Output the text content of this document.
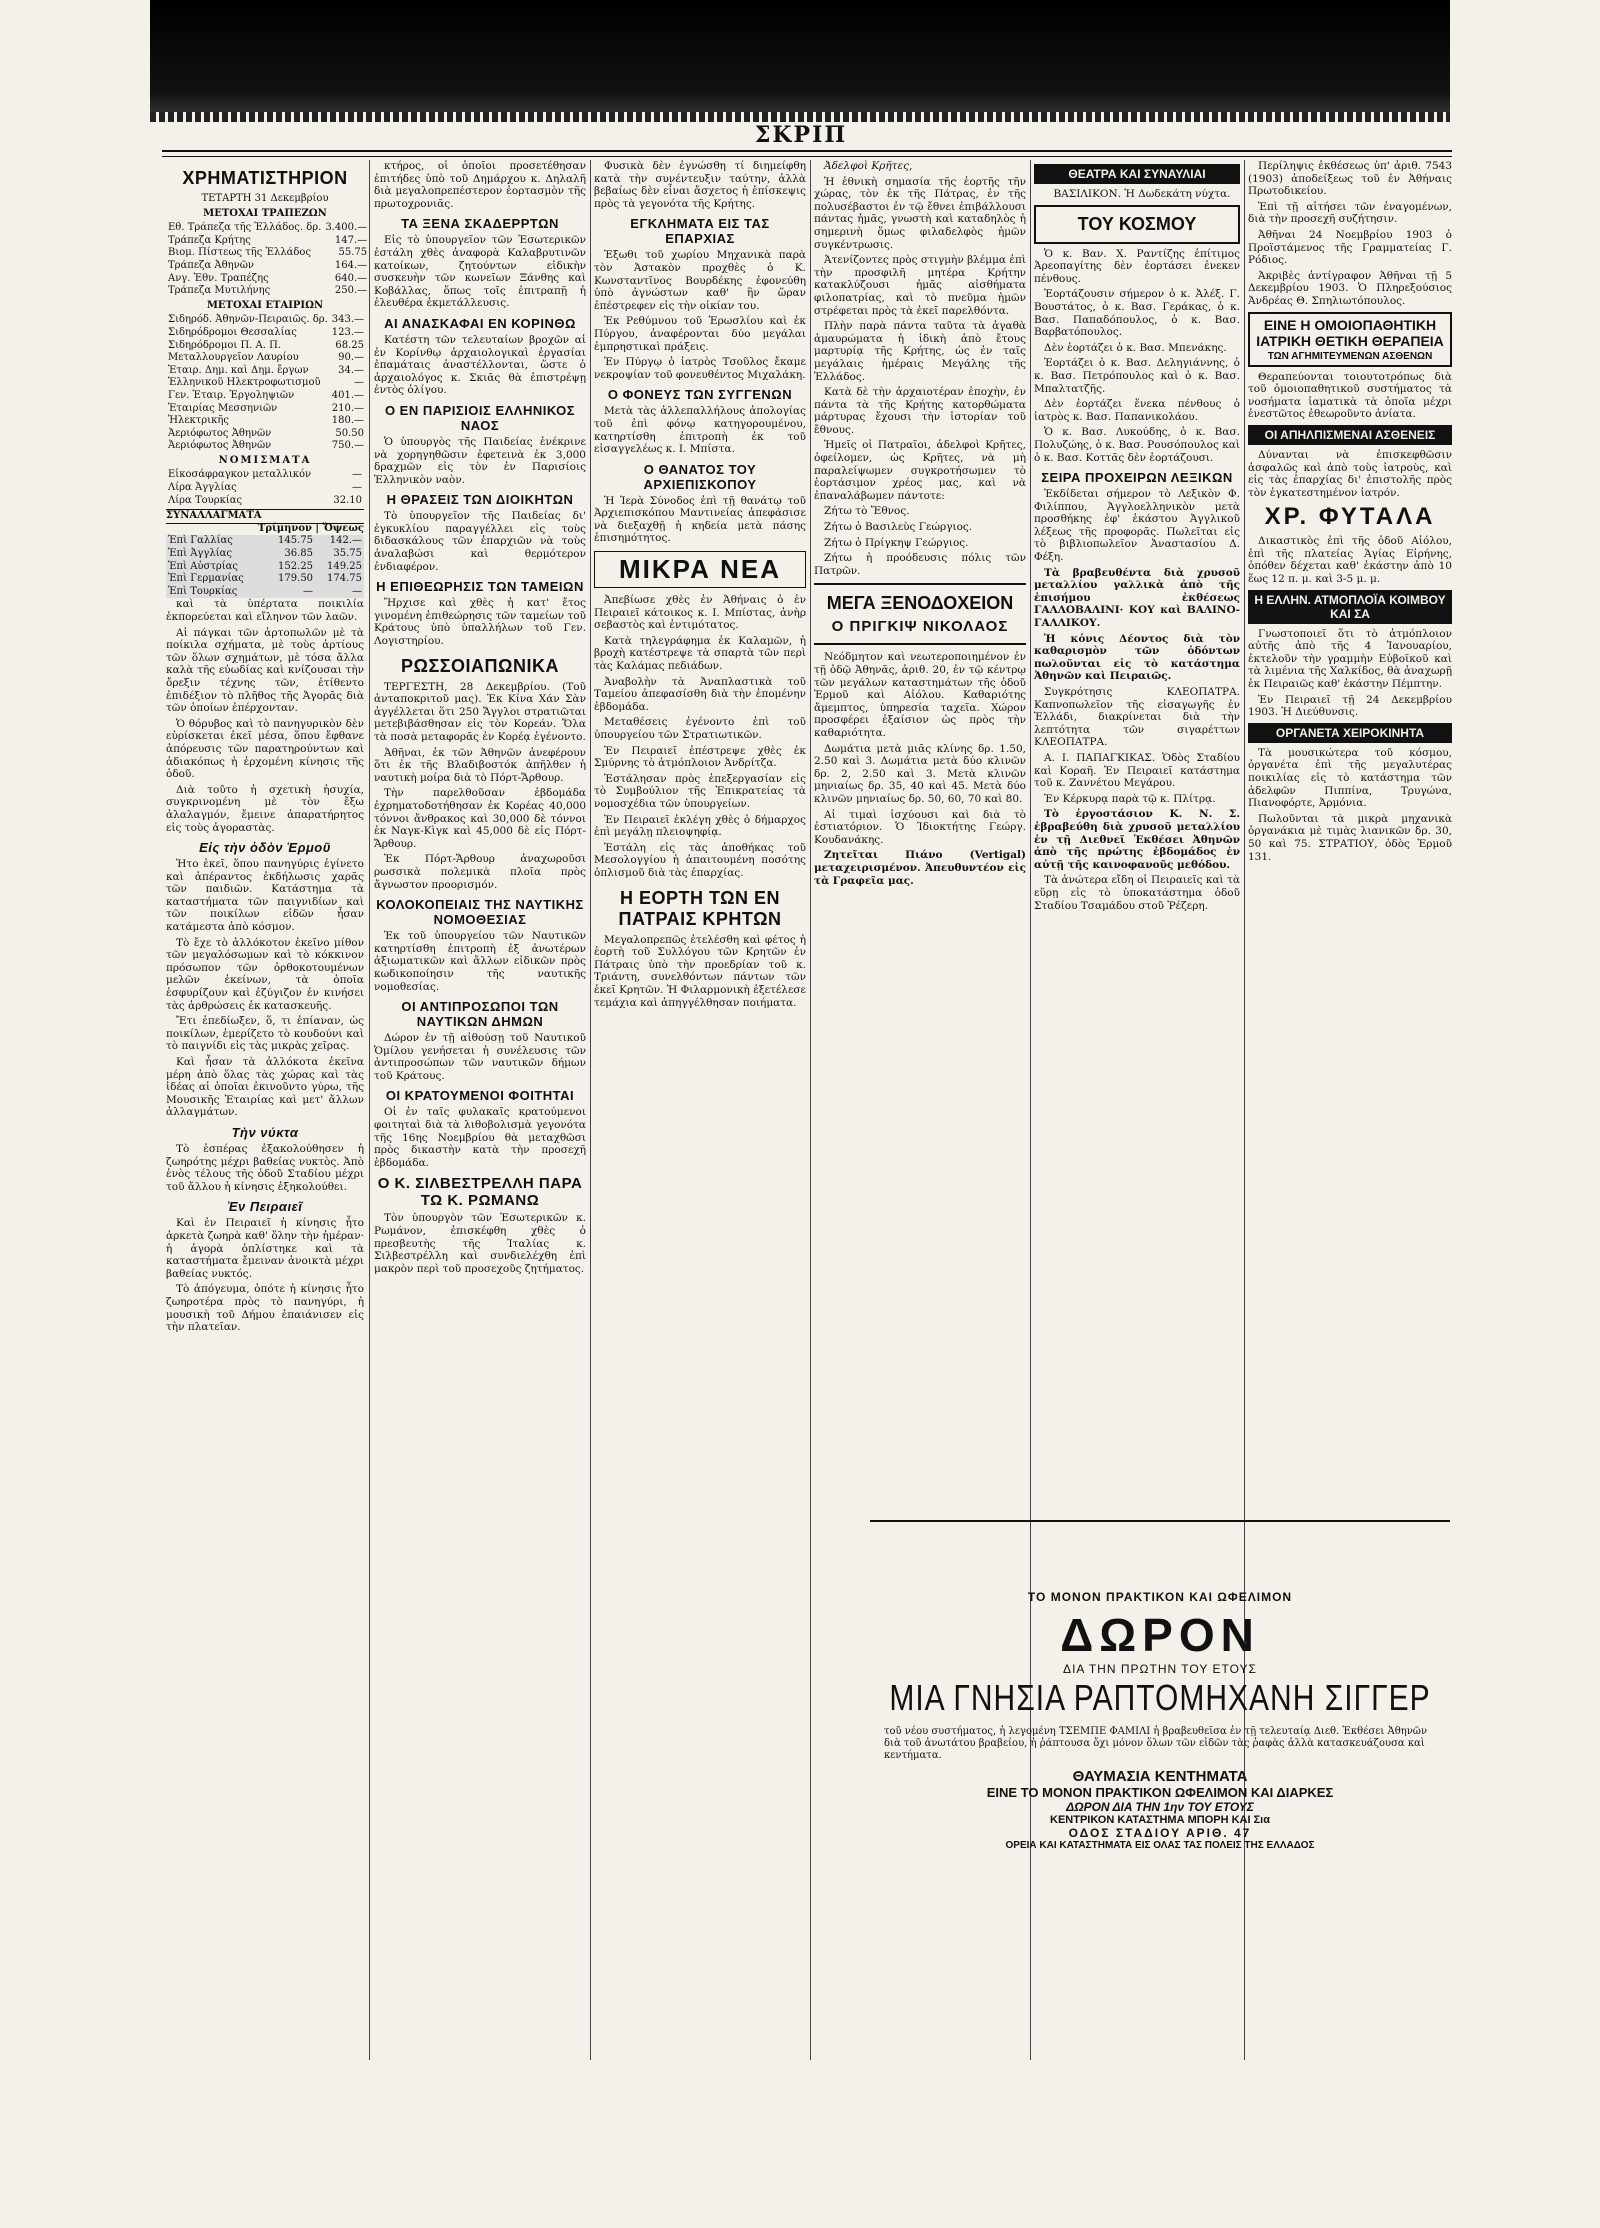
ΣΚΡΙΠ
ΧΡΗΜΑΤΙΣΤΗΡΙΟΝ
ΤΕΤΑΡΤΗ 31 Δεκεμβρίου
ΜΕΤΟΧΑΙ ΤΡΑΠΕΖΩΝ
Εθ. Τράπεζα τῆς Ἑλλάδος. δρ.	3.400.—
Τράπεζα Κρήτης	147.—
Βιομ. Πίστεως τῆς Ἑλλάδος	55.75
Τράπεζα Ἀθηνῶν	164.—
Ανγ. Ἐθν. Τραπέζης	640.—
Τράπεζα Μυτιλήνης	250.—
ΜΕΤΟΧΑΙ ΕΤΑΙΡΙΩΝ
Σιδηρόδ. Ἀθηνῶν-Πειραιῶς. δρ.	343.—
Σιδηρόδρομοι Θεσσαλίας	123.—
Σιδηρόδρομοι Π. Α. Π.	68.25
Μεταλλουργεῖον Λαυρίου	90.—
Ἑταιρ. Δημ. καὶ Δημ. ἔργων	34.—
Ἑλληνικοῦ Ηλεκτροφωτισμοῦ	—
Γεν. Ἑταιρ. Ἐργοληψιῶν	401.—
Ἑταιρίας Μεσσηνιῶν	210.—
Ἠλεκτρικῆς	180.—
Ἀεριόφωτος Ἀθηνῶν	50.50
Ἀεριόφωτος Ἀθηνῶν	750.—
ΝΟΜΙΣΜΑΤΑ
Εἰκοσάφραγκον μεταλλικόν	—
Λίρα Ἀγγλίας	—
Λίρα Τουρκίας	32.10
ΣΥΝΑΛΛΑΓΜΑΤΑ
Τρίμηνον | Ὄψεως
Ἐπὶ Γαλλίας	145.75	142.—
Ἐπὶ Ἀγγλίας	36.85	35.75
Ἐπὶ Αὐστρίας	152.25	149.25
Ἐπὶ Γερμανίας	179.50	174.75
Ἐπὶ Τουρκίας	—	—

καὶ τὰ ὑπέρτατα ποικιλία ἐκπορεύεται καὶ εἴληνον τῶν λαῶν.

Αἱ πάγκαι τῶν ἀρτοπωλῶν μὲ τὰ ποίκιλα σχήματα, μὲ τοὺς ἀρτίους τῶν ὅλων σχημάτων, μὲ τόσα ἄλλα καλὰ τῆς εὐωδίας καὶ κνίζουσαι τὴν ὄρεξιν τέχνης τῶν, ἐτίθεντο ἐπιδέξιον τὸ πλῆθος τῆς Ἀγορᾶς διὰ τῶν ὁποίων ἐπέρχονταν.

Ὁ θόρυβος καὶ τὸ πανηγυρικὸν δὲν εὑρίσκεται ἐκεῖ μέσα, ὅπου ἔφθανε ἀπόρευσις τῶν παρατηρούντων καὶ ἀδιακόπως ἡ ἐρχομένη κίνησις τῆς ὁδοῦ.

Διὰ τοῦτο ἡ σχετικὴ ἡσυχία, συγκρινομένη μὲ τὸν ἔξω ἀλαλαγμόν, ἔμεινε ἀπαρατήρητος εἰς τοὺς ἀγοραστὰς.

Εἰς τὴν ὁδὸν Ἑρμοῦ

Ἡτο ἐκεῖ, ὅπου πανηγύρις ἐγίνετο καὶ ἀπέραντος ἐκδήλωσις χαρᾶς τῶν παιδιῶν. Κατάστημα τὰ καταστήματα τῶν παιγνιδίων καὶ τῶν ποικίλων εἰδῶν ἦσαν κατάμεστα ἀπὸ κόσμον.

Τὸ ἔχε τὸ ἀλλόκοτον ἐκεῖνο μίθον τῶν μεγαλόσωμων καὶ τὸ κόκκινον πρόσωπον τῶν ὀρθοκοτουμένων μελῶν ἐκείνων, τὰ ὁποῖα ἐσφυρίζουν καὶ ἐζύγιζον ἐν κινήσει τὰς ἀρθρώσεις ἐκ κατασκευῆς.

Ἔτι ἐπεδίωξεν, ὅ, τι ἐπίαναν, ὡς ποικίλων, ἐμερίζετο τὸ κουδούνι καὶ τὸ παιγνίδι εἰς τὰς μικρὰς χεῖρας.

Καὶ ἦσαν τὰ ἀλλόκοτα ἐκεῖνα μέρη ἀπὸ ὅλας τὰς χώρας καὶ τὰς ἰδέας αἱ ὁποῖαι ἐκινοῦντο γύρω, τῆς Μουσικῆς Ἑταιρίας καὶ μετ' ἄλλων ἀλλαγμάτων.

Τὴν νύκτα

Τὸ ἑσπέρας ἐξακολούθησεν ἡ ζωηρότης μέχρι βαθείας νυκτὸς. Ἀπὸ ἑνὸς τέλους τῆς ὁδοῦ Σταδίου μέχρι τοῦ ἄλλου ἡ κίνησις ἐξηκολούθει.

Ἐν Πειραιεῖ

Καὶ ἐν Πειραιεῖ ἡ κίνησις ἦτο ἀρκετὰ ζωηρὰ καθ' ὅλην τὴν ἡμέραν· ἡ ἀγορὰ ὁπλίστηκε καὶ τὰ καταστήματα ἔμειναν ἀνοικτὰ μέχρι βαθείας νυκτός.

Τὸ ἀπόγευμα, ὁπότε ἡ κίνησις ἦτο ζωηροτέρα πρὸς τὸ πανηγύρι, ἡ μουσικὴ τοῦ Δήμου ἐπαιάνισεν εἰς τὴν πλατεῖαν.

κτήρος, οἱ ὁποῖοι προσετέθησαν ἐπιτήδες ὑπὸ τοῦ Δημάρχου κ. Δηλαλῆ διὰ μεγαλοπρεπέστερον ἑορτασμὸν τῆς πρωτοχρονιᾶς.

ΤΑ ΞΕΝΑ ΣΚΑΔΕΡΡΤΩΝ

Εἰς τὸ ὑπουργεῖον τῶν Ἐσωτερικῶν ἐστάλη χθὲς ἀναφορὰ Καλαβρυτινῶν κατοίκων, ζητούντων εἰδικὴν συσκευὴν τῶν κωνεῖων Ξάνθης καὶ Κοβάλλας, ὅπως τοῖς ἐπιτραπῇ ἡ ἐλευθέρα ἐκμετάλλευσις.

ΑΙ ΑΝΑΣΚΑΦΑΙ ΕΝ ΚΟΡΙΝΘΩ

Κατέστη τῶν τελευταίων βροχῶν αἱ ἐν Κορίνθῳ ἀρχαιολογικαὶ ἐργασίαι ἐπαμάταις ἀναστέλλονται, ὥστε ὁ ἀρχαιολόγος κ. Σκιᾶς θὰ ἐπιστρέψῃ ἐντὸς ὀλίγου.

Ο ΕΝ ΠΑΡΙΣΙΟΙΣ ΕΛΛΗΝΙΚΟΣ ΝΑΟΣ

Ὁ ὑπουργὸς τῆς Παιδείας ἐνέκρινε νὰ χορηγηθῶσιν ἐφετεινὰ ἐκ 3,000 δραχμῶν εἰς τὸν ἐν Παρισίοις Ἑλληνικὸν ναὸν.

Η ΘΡΑΣΕΙΣ ΤΩΝ ΔΙΟΙΚΗΤΩΝ

Τὸ ὑπουργεῖον τῆς Παιδείας δι' ἐγκυκλίου παραγγέλλει εἰς τοὺς διδασκάλους τῶν ἐπαρχιῶν νὰ τοὺς ἀναλαβώσι καὶ θερμότερον ἐνδιαφέρον.

Η ΕΠΙΘΕΩΡΗΣΙΣ ΤΩΝ ΤΑΜΕΙΩΝ

Ἤρχισε καὶ χθὲς ἡ κατ' ἔτος γινομένη ἐπιθεώρησις τῶν ταμείων τοῦ Κράτους ὑπὸ ὑπαλλήλων τοῦ Γεν. Λογιστηρίου.

ΡΩΣΣΟΙΑΠΩΝΙΚΑ

ΤΕΡΓΕΣΤΗ, 28 Δεκεμβρίου. (Τοῦ ἀνταποκριτοῦ μας). Ἐκ Κίνα Χάν Σὰν ἀγγέλλεται ὅτι 250 Ἄγγλοι στρατιῶται μετεβιβάσθησαν εἰς τὸν Κορεάν. Ὅλα τὰ ποσὰ μεταφορᾶς ἐν Κορέᾳ ἐγένοντο.

Ἀθῆναι, ἐκ τῶν Ἀθηνῶν ἀνεφέρουν ὅτι ἐκ τῆς Βλαδιβοστόκ ἀπῆλθεν ἡ ναυτικὴ μοίρα διὰ τὸ Πόρτ-Ἄρθουρ.

Τὴν παρελθοῦσαν ἑβδομάδα ἐχρηματοδοτήθησαν ἐκ Κορέας 40,000 τόννοι ἄνθρακος καὶ 30,000 δὲ τόννοι ἐκ Ναγκ-Κὶγκ καὶ 45,000 δὲ εἰς Πόρτ-Ἄρθουρ.

Ἐκ Πόρτ-Ἄρθουρ ἀναχωροῦσι ρωσσικὰ πολεμικὰ πλοῖα πρὸς ἄγνωστον προορισμόν.

ΚΟΛΟΚΟΠΕΙΑΙΣ ΤΗΣ ΝΑΥΤΙΚΗΣ ΝΟΜΟΘΕΣΙΑΣ

Ἐκ τοῦ ὑπουργείου τῶν Ναυτικῶν κατηρτίσθη ἐπιτροπὴ ἐξ ἀνωτέρων ἀξιωματικῶν καὶ ἄλλων εἰδικῶν πρὸς κωδικοποίησιν τῆς ναυτικῆς νομοθεσίας.

ΟΙ ΑΝΤΙΠΡΟΣΩΠΟΙ ΤΩΝ ΝΑΥΤΙΚΩΝ ΔΗΜΩΝ

Δώρον ἐν τῇ αἰθούσῃ τοῦ Ναυτικοῦ Ὁμίλου γενήσεται ἡ συνέλευσις τῶν ἀντιπροσώπων τῶν ναυτικῶν δήμων τοῦ Κράτους.

ΟΙ ΚΡΑΤΟΥΜΕΝΟΙ ΦΟΙΤΗΤΑΙ

Οἱ ἐν ταῖς φυλακαῖς κρατούμενοι φοιτηταὶ διὰ τὰ λιθοβολισμὰ γεγονότα τῆς 16ης Νοεμβρίου θὰ μεταχθῶσι πρὸς δικαστὴν κατὰ τὴν προσεχῆ ἑβδομάδα.

Ο Κ. ΣΙΛΒΕΣΤΡΕΛΛΗ ΠΑΡΑ ΤΩ Κ. ΡΩΜΑΝΩ

Τὸν ὑπουργὸν τῶν Ἐσωτερικῶν κ. Ρωμάνον, ἐπισκέφθη χθὲς ὁ πρεσβευτὴς τῆς Ἰταλίας κ. Σιλβεστρέλλη καὶ συνδιελέχθη ἐπὶ μακρὸν περὶ τοῦ προσεχοῦς ζητήματος.

Φυσικὰ δὲν ἐγνώσθη τί διημείφθη κατὰ τὴν συνέντευξιν ταύτην, ἀλλὰ βεβαίως δὲν εἶναι ἄσχετος ἡ ἐπίσκεψις πρὸς τὰ γεγονότα τῆς Κρήτης.

ΕΓΚΛΗΜΑΤΑ ΕΙΣ ΤΑΣ ΕΠΑΡΧΙΑΣ

Ἐξωθι τοῦ χωρίου Μηχανικὰ παρὰ τὸν Ἀστακὸν προχθὲς ὁ Κ. Κωνσταντῖνος Βουρδέκης ἐφονεύθη ὑπὸ ἀγνώστων καθ' ἣν ὥραν ἐπέστρεφεν εἰς τὴν οἰκίαν του.

Ἐκ Ρεθύμνου τοῦ Ἐρωσλίου καὶ ἐκ Πύργου, ἀναφέρονται δύο μεγάλαι ἐμπρηστικαὶ πράξεις.

Ἐν Πύργῳ ὁ ἰατρὸς Τσοῦλος ἔκαμε νεκροψίαν τοῦ φονευθέντος Μιχαλάκη.

Ο ΦΟΝΕΥΣ ΤΩΝ ΣΥΓΓΕΝΩΝ

Μετὰ τὰς ἀλλεπαλλήλους ἀπολογίας τοῦ ἐπὶ φόνῳ κατηγορουμένου, κατηρτίσθη ἐπιτροπὴ ἐκ τοῦ εἰσαγγελέως κ. Ι. Μπίστα.

Ο ΘΑΝΑΤΟΣ ΤΟΥ ΑΡΧΙΕΠΙΣΚΟΠΟΥ

Ἡ Ἱερὰ Σύνοδος ἐπὶ τῇ θανάτῳ τοῦ Ἀρχιεπισκόπου Μαντινείας ἀπεφάσισε νὰ διεξαχθῇ ἡ κηδεία μετὰ πάσης ἐπισημότητος.

ΜΙΚΡΑ ΝΕΑ

Ἀπεβίωσε χθὲς ἐν Ἀθήναις ὁ ἐν Πειραιεῖ κάτοικος κ. Ι. Μπίστας, ἀνὴρ σεβαστὸς καὶ ἐντιμότατος.

Κατὰ τηλεγράφημα ἐκ Καλαμῶν, ἡ βροχὴ κατέστρεψε τὰ σπαρτὰ τῶν περὶ τὰς Καλάμας πεδιάδων.

Ἀναβολὴν τὰ Ἀναπλαστικὰ τοῦ Ταμείου ἀπεφασίσθη διὰ τὴν ἑπομένην ἑβδομάδα.

Μεταθέσεις ἐγένοντο ἐπὶ τοῦ ὑπουργείου τῶν Στρατιωτικῶν.

Ἐν Πειραιεῖ ἐπέστρεψε χθὲς ἐκ Σμύρνης τὸ ἀτμόπλοιον Ἀνδρίτζα.

Ἐστάλησαν πρὸς ἐπεξεργασίαν εἰς τὸ Συμβούλιον τῆς Ἐπικρατείας τὰ νομοσχέδια τῶν ὑπουργείων.

Ἐν Πειραιεῖ ἐκλέγη χθὲς ὁ δήμαρχος ἐπὶ μεγάλῃ πλειοψηφίᾳ.

Ἐστάλη εἰς τὰς ἀποθήκας τοῦ Μεσολογγίου ἡ ἀπαιτουμένη ποσότης ὁπλισμοῦ διὰ τὰς ἐπαρχίας.

Η ΕΟΡΤΗ ΤΩΝ ΕΝ ΠΑΤΡΑΙΣ ΚΡΗΤΩΝ

Μεγαλοπρεπῶς ἐτελέσθη καὶ φέτος ἡ ἑορτὴ τοῦ Συλλόγου τῶν Κρητῶν ἐν Πάτραις ὑπὸ τὴν προεδρίαν τοῦ κ. Τριάντη, συνελθόντων πάντων τῶν ἐκεῖ Κρητῶν. Ἡ Φιλαρμονικὴ ἐξετέλεσε τεμάχια καὶ ἀπηγγέλθησαν ποιήματα.

Ἀδελφοὶ Κρῆτες,

Ἡ ἐθνικὴ σημασία τῆς ἑορτῆς τῆν χώρας, τὸν ἐκ τῆς Πάτρας, ἐν τῆς πολυσέβαστοι ἐν τῷ ἔθνει ἐπιβάλλουσι πάντας ἡμᾶς, γνωστὴ καὶ καταδηλὸς ἡ σημερινὴ ὅμως φιλαδελφὸς ἡμῶν συγκέντρωσις.

Ἀτενίζοντες πρὸς στιγμὴν βλέμμα ἐπὶ τὴν προσφιλῆ μητέρα Κρήτην κατακλύζουσι ἡμᾶς αἰσθήματα φιλοπατρίας, καὶ τὸ πνεῦμα ἡμῶν στρέφεται πρὸς τὰ ἐκεῖ παρελθόντα.

Πλὴν παρὰ πάντα ταῦτα τὰ ἀγαθὰ ἀμαυρώματα ἡ ἰδικὴ ἀπὸ ἔτους μαρτυρίᾳ τῆς Κρήτης, ὡς ἐν ταῖς μεγάλαις ἡμέραις Μεγάλης τῆς Ἑλλάδος.

Κατὰ δὲ τὴν ἀρχαιοτέραν ἐποχὴν, ἐν πάντα τὰ τῆς Κρήτης κατορθώματα μάρτυρας ἔχουσι τὴν ἱστορίαν τοῦ ἔθνους.

Ἡμεῖς οἱ Πατραῖοι, ἀδελφοὶ Κρῆτες, ὀφείλομεν, ὡς Κρῆτες, νὰ μὴ παραλείψωμεν συγκροτήσωμεν τὸ ἑορτάσιμον χρέος μας, καὶ νὰ ἐπαναλάβωμεν πάντοτε:

Ζήτω τὸ Ἔθνος.

Ζήτω ὁ Βασιλεὺς Γεώργιος.

Ζήτω ὁ Πρίγκηψ Γεώργιος.

Ζήτω ἡ προόδευσις πόλις τῶν Πατρῶν.

ΜΕΓΑ ΞΕΝΟΔΟΧΕΙΟΝ
Ο ΠΡΙΓΚΙΨ ΝΙΚΟΛΑΟΣ

Νεόδμητον καὶ νεωτεροποιημένον ἐν τῇ ὁδῷ Ἀθηνᾶς, ἀριθ. 20, ἐν τῷ κέντρῳ τῶν μεγάλων καταστημάτων τῆς ὁδοῦ Ἑρμοῦ καὶ Αἰόλου. Καθαριότης ἄμεμπτος, ὑπηρεσία ταχεῖα. Χώρον προσφέρει ἐξαίσιον ὡς πρὸς τὴν καθαριότητα.

Δωμάτια μετὰ μιᾶς κλίνης δρ. 1.50, 2.50 καὶ 3. Δωμάτια μετὰ δύο κλινῶν δρ. 2, 2.50 καὶ 3. Μετὰ κλινῶν μηνιαίως δρ. 35, 40 καὶ 45. Μετὰ δύο κλινῶν μηνιαίως δρ. 50, 60, 70 καὶ 80.

Αἱ τιμαὶ ἰσχύουσι καὶ διὰ τὸ ἐστιατόριον. Ὁ Ἰδιοκτήτης Γεώργ. Κουδανάκης.

Ζητεῖται Πιάνο (Vertigal) μεταχειρισμένον. Ἀπευθυντέον εἰς τὰ Γραφεῖα μας.

ΘΕΑΤΡΑ ΚΑΙ ΣΥΝΑΥΛΙΑΙ

ΒΑΣΙΛΙΚΟΝ. Ἡ Δωδεκάτη νύχτα.

ΤΟΥ ΚΟΣΜΟΥ

Ὁ κ. Βαν. Χ. Ραντίζης ἐπίτιμος Ἀρεοπαγίτης δὲν ἐορτάσει ἐνεκεν πένθους.

Ἐορτάζουσιν σήμερον ὁ κ. Ἀλέξ. Γ. Βουστάτος, ὁ κ. Βασ. Γεράκας, ὁ κ. Βασ. Παπαδόπουλος, ὁ κ. Βασ. Βαρβατόπουλος.

Δὲν ἑορτάζει ὁ κ. Βασ. Μπενάκης.

Ἑορτάζει ὁ κ. Βασ. Δεληγιάννης, ὁ κ. Βασ. Πετρόπουλος καὶ ὁ κ. Βασ. Μπαλτατζῆς.

Δὲν ἑορτάζει ἕνεκα πένθους ὁ ἰατρὸς κ. Βασ. Παπανικολάου.

Ὁ κ. Βασ. Λυκούδης, ὁ κ. Βασ. Πολυζώης, ὁ κ. Βασ. Ρουσόπουλος καὶ ὁ κ. Βασ. Κοττᾶς δὲν ἑορτάζουσι.

ΣΕΙΡΑ ΠΡΟΧΕΙΡΩΝ ΛΕΞΙΚΩΝ

Ἐκδίδεται σήμερον τὸ Λεξικὸν Φ. Φιλίππου, Ἀγγλοελληνικὸν μετὰ προσθήκης ἐφ' ἑκάστου Ἀγγλικοῦ λέξεως τῆς προφορᾶς. Πωλεῖται εἰς τὸ βιβλιοπωλεῖον Ἀναστασίου Δ. Φέξη.

Τὰ βραβευθέντα διὰ χρυσοῦ μεταλλίου γαλλικὰ ἀπὸ τῆς ἐπισήμου ἐκθέσεως ΓΑΛΛΟΒΑΛΙΝΙ· ΚΟΥ καὶ ΒΑΛΙΝΟ-ΓΑΛΛΙΚΟΥ.

Ἡ κόνις Δέοντος διὰ τὸν καθαρισμὸν τῶν ὀδόντων πωλοῦνται εἰς τὸ κατάστημα Ἀθηνῶν καὶ Πειραιῶς.

Συγκρότησις ΚΛΕΟΠΑΤΡΑ. Καπνοπωλεῖον τῆς εἰσαγωγῆς ἐν Ἑλλάδι, διακρίνεται διὰ τὴν λεπτότητα τῶν σιγαρέττων ΚΛΕΟΠΑΤΡΑ.

Α. Ι. ΠΑΠΑΓΚΙΚΑΣ. Ὁδὸς Σταδίου καὶ Κοραῆ. Ἐν Πειραιεῖ κατάστημα τοῦ κ. Ζαννέτου Μεγάρου.

Ἐν Κέρκυρᾳ παρὰ τῷ κ. Πλίτρᾳ.

Τὸ ἐργοστάσιον Κ. Ν. Σ. ἐβραβεύθη διὰ χρυσοῦ μεταλλίου ἐν τῇ Διεθνεῖ Ἐκθέσει Ἀθηνῶν ἀπὸ τῆς πρώτης ἐβδομάδος ἐν αὐτῇ τῆς καινοφανοῦς μεθόδου.

Τὰ ἀνώτερα εἴδη οἱ Πειραιεῖς καὶ τὰ εὕρῃ εἰς τὸ ὑποκατάστημα ὁδοῦ Σταδίου Τσαμάδου στοῦ Ῥέζερη.

Περίληψις ἐκθέσεως ὑπ' ἀριθ. 7543 (1903) ἀποδείξεως τοῦ ἐν Ἀθήναις Πρωτοδικείου.

Ἐπὶ τῇ αἰτήσει τῶν ἐναγομένων, διὰ τὴν προσεχῆ συζήτησιν.

Ἀθῆναι 24 Νοεμβρίου 1903 ὁ Προϊστάμενος τῆς Γραμματείας Γ. Ρόδιος.

Ἀκριβὲς ἀντίγραφον Ἀθῆναι τῇ 5 Δεκεμβρίου 1903. Ὁ Πληρεξούσιος Ἀνδρέας Θ. Σπηλιωτόπουλος.

ΕΙΝΕ Η ΟΜΟΙΟΠΑΘΗΤΙΚΗ ΙΑΤΡΙΚΗ ΘΕΤΙΚΗ ΘΕΡΑΠΕΙΑ
ΤΩΝ ΑΓΗΜΙΤΕΥΜΕΝΩΝ ΑΣΘΕΝΩΝ

Θεραπεύονται τοιουτοτρόπως διὰ τοῦ ὁμοιοπαθητικοῦ συστήματος τὰ νοσήματα ἰαματικὰ τὰ ὁποῖα μέχρι ἐνεστῶτος ἐθεωροῦντο ἀνίατα.

ΟΙ ΑΠΗΛΠΙΣΜΕΝΑΙ ΑΣΘΕΝΕΙΣ

Δύνανται νὰ ἐπισκεφθῶσιν ἀσφαλῶς καὶ ἀπὸ τοὺς ἰατροὺς, καὶ εἰς τὰς ἐπαρχίας δι' ἐπιστολῆς πρὸς τὸν ἐγκατεστημένον ἰατρόν.

ΧΡ. ΦΥΤΑΛΑ

Δικαστικὸς ἐπὶ τῆς ὁδοῦ Αἰόλου, ἐπὶ τῆς πλατείας Ἁγίας Εἰρήνης, ὁπόθεν δέχεται καθ' ἑκάστην ἀπὸ 10 ἕως 12 π. μ. καὶ 3-5 μ. μ.

Η ΕΛΛΗΝ. ΑΤΜΟΠΛΟΪΑ ΚΟΙΜΒΟΥ ΚΑΙ ΣΑ

Γνωστοποιεῖ ὅτι τὸ ἀτμόπλοιον αὐτῆς ἀπὸ τῆς 4 Ἰανουαρίου, ἐκτελοῦν τὴν γραμμὴν Εὐβοϊκοῦ καὶ τὰ λιμένια τῆς Χαλκίδος, θὰ ἀναχωρῇ ἐκ Πειραιῶς καθ' ἑκάστην Πέμπτην.

Ἐν Πειραιεῖ τῇ 24 Δεκεμβρίου 1903. Ἡ Διεύθυνσις.

ΟΡΓΑΝΕΤΑ ΧΕΙΡΟΚΙΝΗΤΑ

Τὰ μουσικώτερα τοῦ κόσμου, ὀργανέτα ἐπὶ τῆς μεγαλυτέρας ποικιλίας εἰς τὸ κατάστημα τῶν ἀδελφῶν Πιππίνα, Τρυγώνα, Πιανοφόρτε, Ἀρμόνια.

Πωλοῦνται τὰ μικρὰ μηχανικὰ ὀργανάκια μὲ τιμὰς λιανικῶν δρ. 30, 50 καὶ 75. ΣΤΡΑΤΙΟΥ, ὁδὸς Ἑρμοῦ 131.

ΤΟ ΜΟΝΟΝ ΠΡΑΚΤΙΚΟΝ ΚΑΙ ΩΦΕΛΙΜΟΝ
ΔΩΡΟΝ
ΔΙΑ ΤΗΝ ΠΡΩΤΗΝ ΤΟΥ ΕΤΟΥΣ
ΜΙΑ ΓΝΗΣΙΑ ΡΑΠΤΟΜΗΧΑΝΗ ΣΙΓΓΕΡ
τοῦ νέου συστήματος, ἡ λεγομένη ΤΣΕΜΠΕ ΦΑΜΙΛΙ ἡ βραβευθεῖσα ἐν τῇ τελευταίᾳ Διεθ. Ἐκθέσει Ἀθηνῶν διὰ τοῦ ἀνωτάτου βραβείου, ἡ ῥάπτουσα ὄχι μόνον ὅλων τῶν εἰδῶν τὰς ῥαφὰς ἀλλὰ κατασκευάζουσα καὶ κεντήματα.
ΘΑΥΜΑΣΙΑ ΚΕΝΤΗΜΑΤΑ
ΕΙΝΕ ΤΟ ΜΟΝΟΝ ΠΡΑΚΤΙΚΟΝ ΩΦΕΛΙΜΟΝ ΚΑΙ ΔΙΑΡΚΕΣ
ΔΩΡΟΝ ΔΙΑ ΤΗΝ 1ην ΤΟΥ ΕΤΟΥΣ
ΚΕΝΤΡΙΚΟΝ ΚΑΤΑΣΤΗΜΑ ΜΠΟΡΗ ΚΑΙ Σια
ΟΔΟΣ ΣΤΑΔΙΟΥ ΑΡΙΘ. 47
ΟΡΕΙΑ ΚΑΙ ΚΑΤΑΣΤΗΜΑΤΑ ΕΙΣ ΟΛΑΣ ΤΑΣ ΠΟΛΕΙΣ ΤΗΣ ΕΛΛΑΔΟΣ
